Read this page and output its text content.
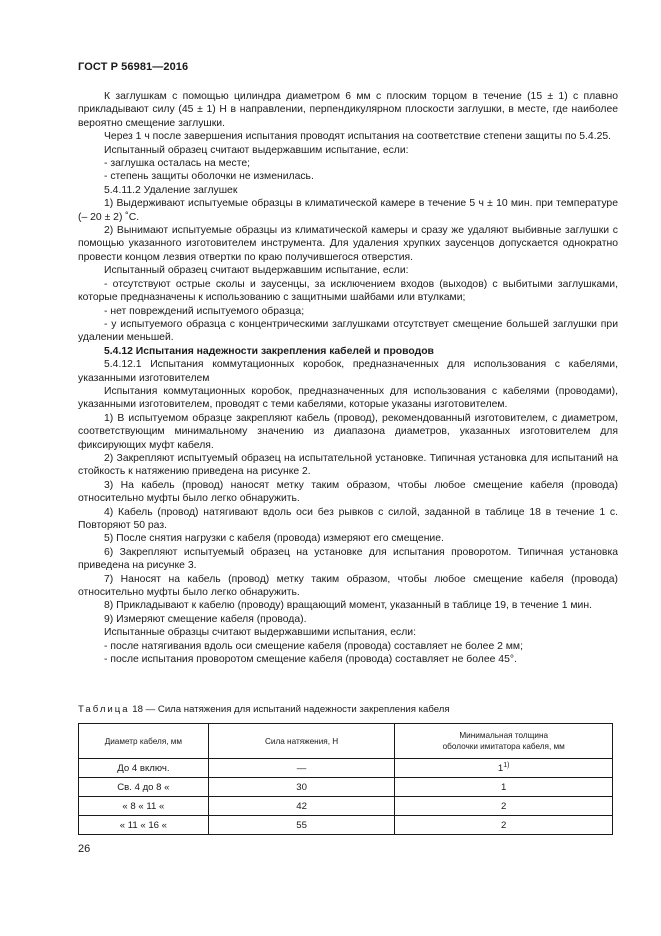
ГОСТ Р 56981—2016

К заглушкам с помощью цилиндра диаметром 6 мм с плоским торцом в течение (15 ± 1) с плавно прикладывают силу (45 ± 1) Н в направлении, перпендикулярном плоскости заглушки, в месте, где наиболее вероятно смещение заглушки.

Через 1 ч после завершения испытания проводят испытания на соответствие степени защиты по 5.4.25.

Испытанный образец считают выдержавшим испытание, если:

- заглушка осталась на месте;

- степень защиты оболочки не изменилась.

5.4.11.2 Удаление заглушек

1) Выдерживают испытуемые образцы в климатической камере в течение 5 ч ± 10 мин. при температуре (– 20 ± 2) ˚С.

2) Вынимают испытуемые образцы из климатической камеры и сразу же удаляют выбивные заглушки с помощью указанного изготовителем инструмента. Для удаления хрупких заусенцов допускается однократно провести концом лезвия отвертки по краю получившегося отверстия.

Испытанный образец считают выдержавшим испытание, если:

- отсутствуют острые сколы и заусенцы, за исключением входов (выходов) с выбитыми заглушками, которые предназначены к использованию с защитными шайбами или втулками;

- нет повреждений испытуемого образца;

- у испытуемого образца с концентрическими заглушками отсутствует смещение большей заглушки при удалении меньшей.

5.4.12 Испытания надежности закрепления кабелей и проводов

5.4.12.1 Испытания коммутационных коробок, предназначенных для использования с кабелями, указанными изготовителем

Испытания коммутационных коробок, предназначенных для использования с кабелями (проводами), указанными изготовителем, проводят с теми кабелями, которые указаны изготовителем.

1) В испытуемом образце закрепляют кабель (провод), рекомендованный изготовителем, с диаметром, соответствующим минимальному значению из диапазона диаметров, указанных изготовителем для фиксирующих муфт кабеля.

2) Закрепляют испытуемый образец на испытательной установке. Типичная установка для испытаний на стойкость к натяжению приведена на рисунке 2.

3) На кабель (провод) наносят метку таким образом, чтобы любое смещение кабеля (провода) относительно муфты было легко обнаружить.

4) Кабель (провод) натягивают вдоль оси без рывков с силой, заданной в таблице 18 в течение 1 с. Повторяют 50 раз.

5) После снятия нагрузки с кабеля (провода) измеряют его смещение.

6) Закрепляют испытуемый образец на установке для испытания проворотом. Типичная установка приведена на рисунке 3.

7) Наносят на кабель (провод) метку таким образом, чтобы любое смещение кабеля (провода) относительно муфты было легко обнаружить.

8) Прикладывают к кабелю (проводу) вращающий момент, указанный в таблице 19, в течение 1 мин.

9) Измеряют смещение кабеля (провода).

Испытанные образцы считают выдержавшими испытания, если:

- после натягивания вдоль оси смещение кабеля (провода) составляет не более 2 мм;

- после испытания проворотом смещение кабеля (провода) составляет не более 45°.

Таблица 18 — Сила натяжения для испытаний надежности закрепления кабеля
Диаметр кабеля, мм	Сила натяжения, Н	Минимальная толщина
оболочки имитатора кабеля, мм
До 4 включ.	—	1$^{1)}$
Св. 4 до 8 «	30	1
« 8 « 11 «	42	2
« 11 « 16 «	55	2
26
